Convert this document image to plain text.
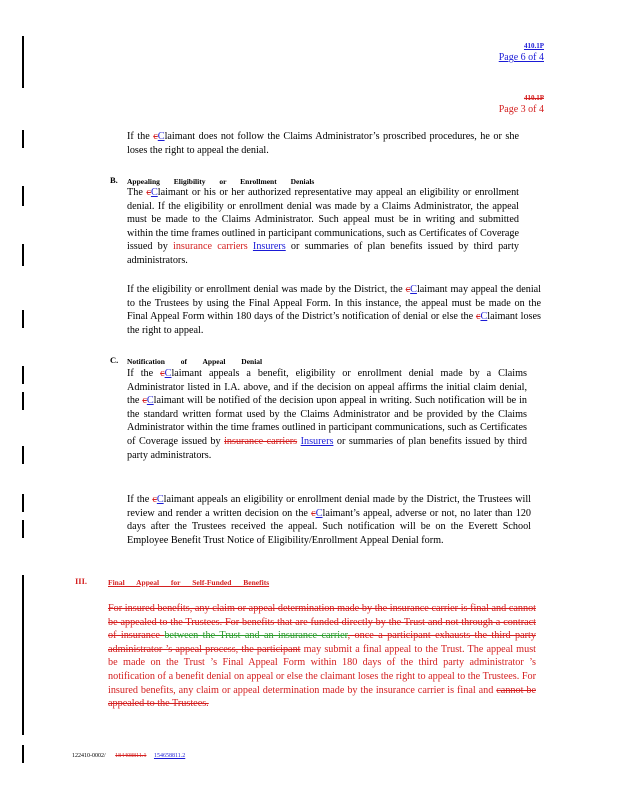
410.1P
Page 6 of 4
410.1P
Page 3 of 4
If the cClaimant does not follow the Claims Administrator’s proscribed procedures, he or she loses the right to appeal the denial.
B. Appealing Eligibility or Enrollment Denials
The cClaimant or his or her authorized representative may appeal an eligibility or enrollment denial. If the eligibility or enrollment denial was made by a Claims Administrator, the appeal must be made to the Claims Administrator. Such appeal must be in writing and submitted within the time frames outlined in participant communications, such as Certificates of Coverage issued by insurance carriers Insurers or summaries of plan benefits issued by third party administrators.
If the eligibility or enrollment denial was made by the District, the cClaimant may appeal the denial to the Trustees by using the Final Appeal Form. In this instance, the appeal must be made on the Final Appeal Form within 180 days of the District’s notification of denial or else the cClaimant loses the right to appeal.
C. Notification of Appeal Denial
If the cClaimant appeals a benefit, eligibility or enrollment denial made by a Claims Administrator listed in I.A. above, and if the decision on appeal affirms the initial claim denial, the cClaimant will be notified of the decision upon appeal in writing. Such notification will be in the standard written format used by the Claims Administrator and be provided by the Claims Administrator within the time frames outlined in participant communications, such as Certificates of Coverage issued by insurance carriers Insurers or summaries of plan benefits issued by third party administrators.
If the cClaimant appeals an eligibility or enrollment denial made by the District, the Trustees will review and render a written decision on the cClaimant’s appeal, adverse or not, no later than 120 days after the Trustees received the appeal. Such notification will be on the Everett School Employee Benefit Trust Notice of Eligibility/Enrollment Appeal Denial form.
III.	Final Appeal for Self-Funded Benefits
For insured benefits, any claim or appeal determination made by the insurance carrier is final and cannot be appealed to the Trustees. For benefits that are funded directly by the Trust and not through a contract of insurance between the Trust and an insurance carrier, once a participant exhausts the third party administrator ’s appeal process, the participant may submit a final appeal to the Trust. The appeal must be made on the Trust ’s Final Appeal Form within 180 days of the third party administrator ’s notification of a benefit denial on appeal or else the claimant loses the right to appeal to the Trustees. For insured benefits, any claim or appeal determination made by the insurance carrier is final and cannot be appealed to the Trustees.
122410-0002/ 184408811.1 154658811.2
